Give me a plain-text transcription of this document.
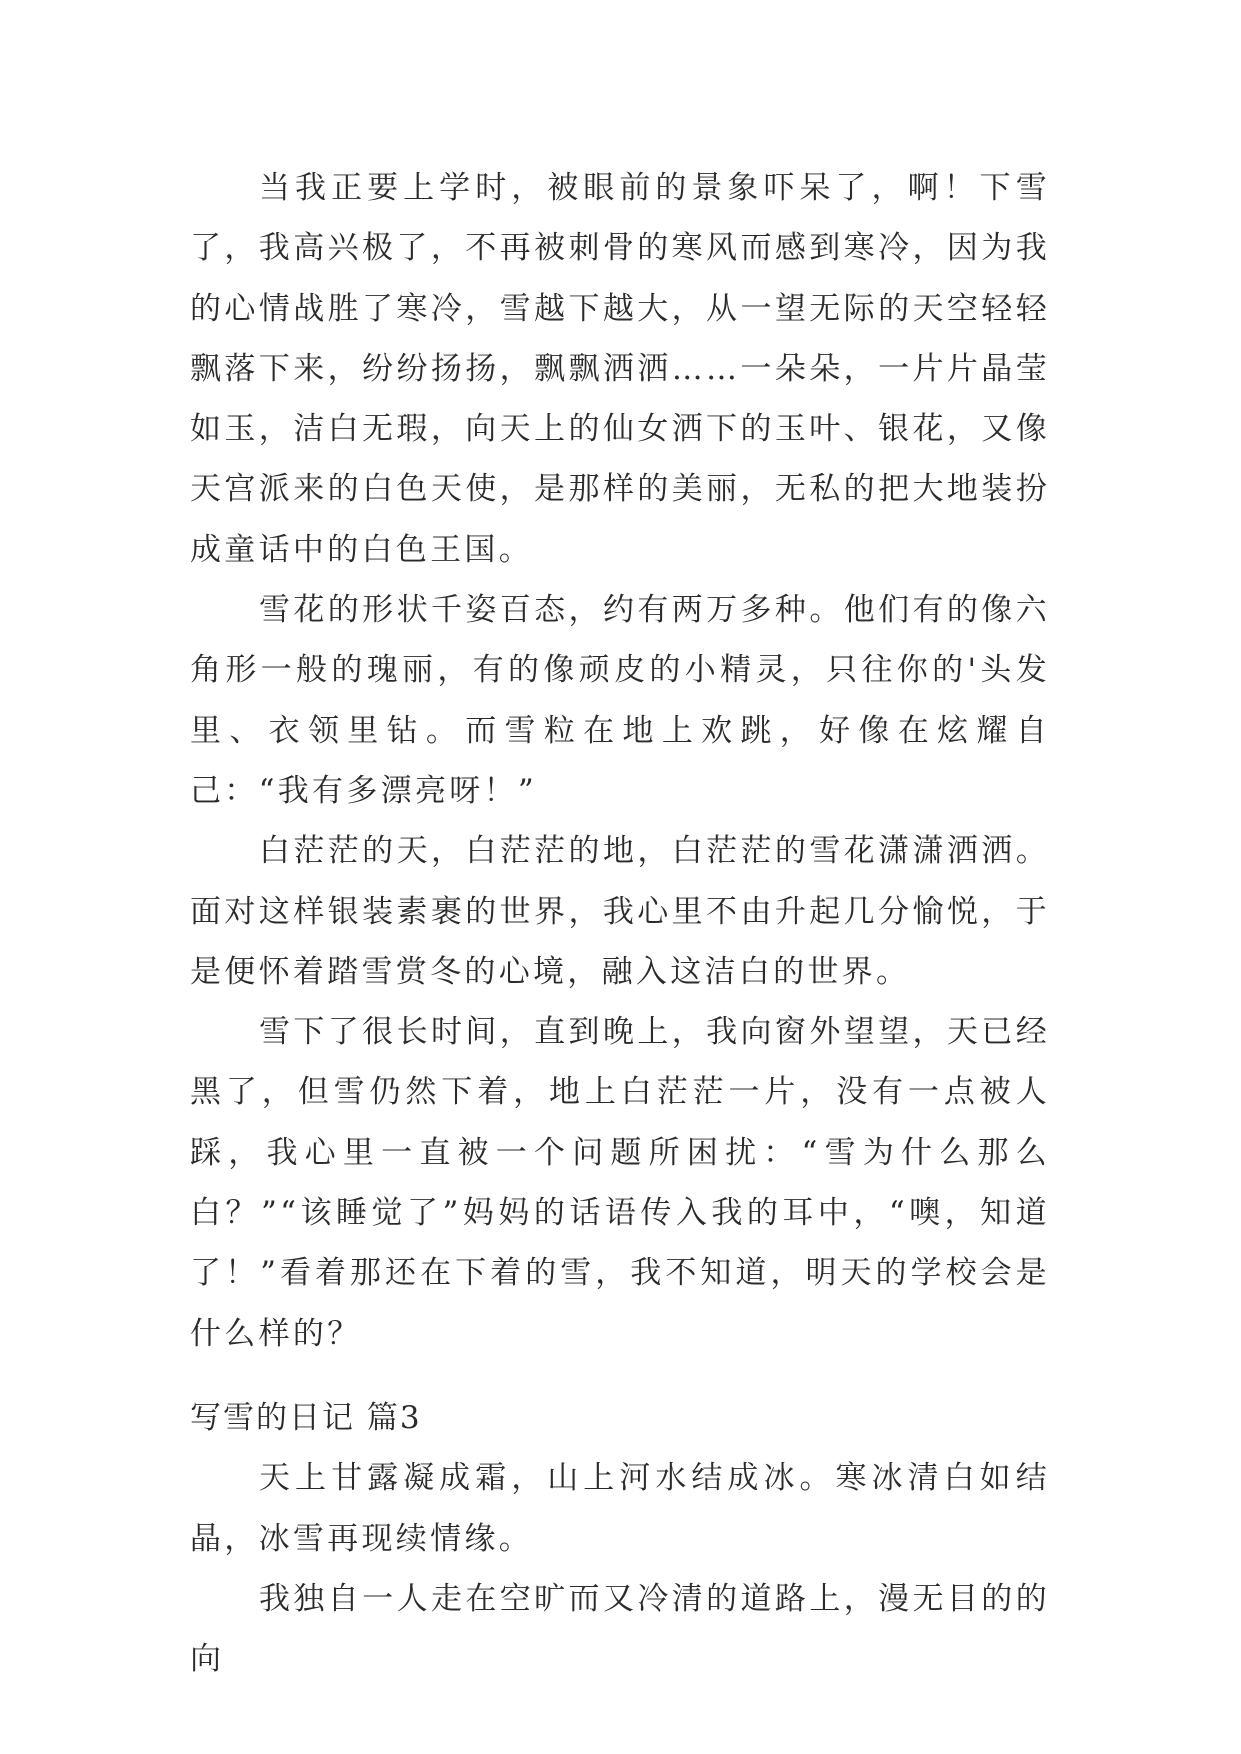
当我正要上学时，被眼前的景象吓呆了，啊！下雪了，我高兴极了，不再被刺骨的寒风而感到寒冷，因为我的心情战胜了寒冷，雪越下越大，从一望无际的天空轻轻飘落下来，纷纷扬扬，飘飘洒洒……一朵朵，一片片晶莹如玉，洁白无瑕，向天上的仙女洒下的玉叶、银花，又像天宫派来的白色天使，是那样的美丽，无私的把大地装扮成童话中的白色王国。

雪花的形状千姿百态，约有两万多种。他们有的像六角形一般的瑰丽，有的像顽皮的小精灵，只往你的'头发里、衣领里钻。而雪粒在地上欢跳，好像在炫耀自己：“我有多漂亮呀！”

白茫茫的天，白茫茫的地，白茫茫的雪花潇潇洒洒。面对这样银装素裹的世界，我心里不由升起几分愉悦，于是便怀着踏雪赏冬的心境，融入这洁白的世界。

雪下了很长时间，直到晚上，我向窗外望望，天已经黑了，但雪仍然下着，地上白茫茫一片，没有一点被人踩，我心里一直被一个问题所困扰：“雪为什么那么白？”“该睡觉了”妈妈的话语传入我的耳中，“噢，知道了！”看着那还在下着的雪，我不知道，明天的学校会是什么样的？

写雪的日记 篇3

天上甘露凝成霜，山上河水结成冰。寒冰清白如结晶，冰雪再现续情缘。

我独自一人走在空旷而又冷清的道路上，漫无目的的向
